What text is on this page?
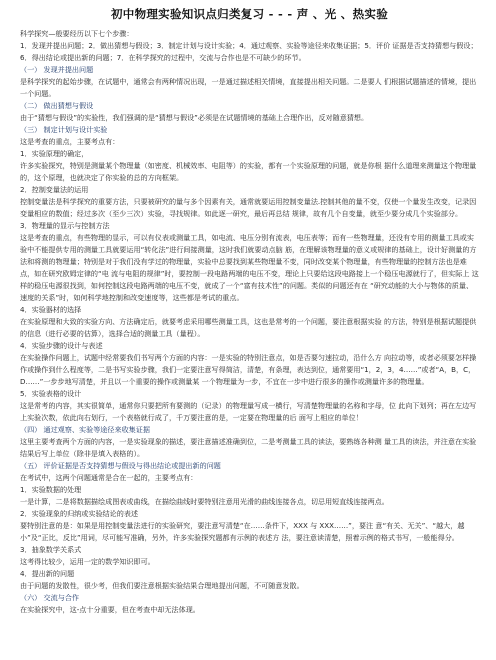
初中物理实验知识点归类复习 - - - 声 、光 、热实验

科学探究—般要经历以下七个步骤：

1．发现并提出问题；2．做出猜想与假设；3．制定计划与设计实验；4．通过观察、实验等途径来收集证据；5．评价 证据是否支持猜想与假设；6．得出结论或提出新的问题；7．在科学探究的过程中，交流与合作也是不可缺少的环节。

（一） 发现并提出问题

是科学探究的起始步骤，在试题中，通常会有两种情况出现，一是通过描述相关情境，直接提出相关问题。二是要人 们根据试题描述的情境，提出一个问题。

（二） 做出猜想与假设

由于“猜想与假设”的实验性，我们强调的是“猜想与假设”必须是在试题情境的基础上合理作出，反对随意猜想。

（三） 制定计划与设计实验

这是考查的重点，主要考点有：

1．实验原理的确定，

许多实验探究，特别是测量某个物理量（如密度、机械效率、电阻等）的实验，都有一个实验原理的问题，就是你根 据什么道理来测量这个物理量的，这个原理，也就决定了你实验的总的方向框架。

2．控制变量法的运用

控制变量法是科学探究的重要方法，只要被研究的量与多个因素有关，通常就要运用控制变量法.控制其他的量不变，仅使一个量发生改变，记录因变量相应的数值；经过多次（至少三次）实验，寻找规律。如此逐一研究，最后再总结 规律，故有几个自变量，就至少要分成几个实验部分。

3．物理量的显示与控制方法

这是考查的重点，有些物理的显示，可以有仪表或测量工具，如电流、电压分别有流表，电压表等；而有一些物理量，还没有专用的测量工具或实验中不能提供专用的测量工具就要运用“转化法”进行间接测量，这时我们就要动点脑 筋，在理解该物理量的意义或规律的基础上，设计好测量的方法和将测的物理量；特别是对于我们没有学过的物理量，实验中总要找到某些物理量不变，同时改变某个物理量，有些物理量的控制方法也是难点，如在研究欧姆定律的“电 流与电阻的规律”时，要控制一段电路两端的电压不变，理论上只要给这段电路接上一个稳压电源就行了，但实际上 这样的稳压电源很找到，如何控制这段电路两端的电压不变，就成了一个“富有技术性”的问题。类似的问题还有在 “研究动能的大小与物体的质量、速度的关系”时，如何科学地控制和改变速度等，这些都是考试的重点。

4．实验器材的选择

在实验原理和大致的实验方向、方法确定后，就要考虑采用哪些测量工具，这也是常考的一个问题，要注意根据实验 的方法，特别是根据试题提供的信息（进行必要的估算），选择合适的测量工具（量程）。

4．实验步骤的设计与表述

在实验操作问题上，试题中经常要我们书写两个方面的内容：一是实验的特别注意点，如是否要匀速拉动，沿什么方 向拉动等，或者必须要怎样操作或操作到什么程度等，二是书写实验步骤，我们一定要注意写得简洁，清楚，有条理，表达到位，通常要用“1，2，3，4……”或者“A，B，C，D……”一步步地写清楚，并且以一个重要的操作或测量某 一个物理量为一步，不宜在一步中进行很多的操作或测量许多的物理量。

5．实验表格的设计

这是常考的内容，其实很简单，通常你只要把所有要测的（记录）的物理量写成一横行，写清楚物理量的名称和字母，位 此向下划列；再在左边写上实验次数，依此向右划行，一个表格就行成了，千万要注意的是，一定要在物理量的后 面写上相应的单位！

（四） 通过观察、实验等途径来收集证据

这里主要考查两个方面的内容，一是实验现象的描述，要注意描述准确到位，二是考测量工具的读法，要熟练各种测 量工具的读法，并注意在实验结果后写上单位（除非是填入表格的）。

（五） 评价证据是否支持猜想与假设与得出结论或提出新的问题

在考试中，这两个问题通常是合在一起的，主要考点有：

1．实验数据的处理

一是计算，二是将数据描绘成图表或曲线，在描绘曲线时要特别注意用光滑的曲线连接各点，切忌用短直线连接两点。

2．实验现象的归纳或实验结论的表述

要特别注意的是：如果是用控制变量法进行的实验研究，要注意写清楚“在……条件下，XXX 与 XXX……”，要注 意“有关、无关”、“越大，越小”及“正比，反比”用词，尽可能写准确，另外，许多实验探究题都有示例的表述方 法，要注意读清楚，照着示例的格式书写，一般能得分。

3．抽象数学关系式

这考得比较少，运用一定的数学知识即可。

4．提出新的问题

由于问题的发散性，很少考，但我们要注意根据实验结果合理地提出问题，不可随意发散。

（六） 交流与合作

在实验探究中，这-点十分重要，但在考查中却无法体现。
